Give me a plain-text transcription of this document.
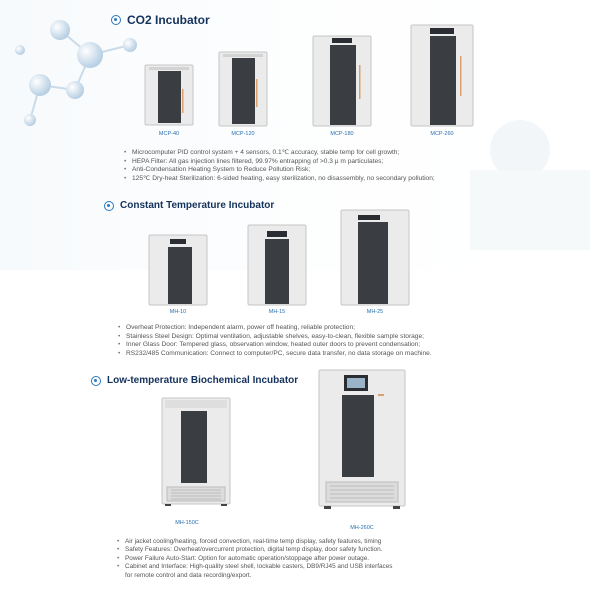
CO2 Incubator
MCP-40	MCP-120	MCP-180	MCP-260
• Microcomputer PID control system + 4 sensors, 0.1℃ accuracy, stable temp for cell growth;
• HEPA Filter: All gas injection lines filtered, 99.97% entrapping of >0.3 μ m particulates;
• Anti-Condensation Heating System to Reduce Pollution Risk;
• 125℃ Dry-heat Sterilization: 6-sided heating, easy sterilization, no disassembly, no secondary pollution;
Constant Temperature Incubator
MH-10	MH-15	MH-25
• Overheat Protection: Independent alarm, power off heating, reliable protection;
• Stainless Steel Design: Optimal ventilation, adjustable shelves, easy-to-clean, flexible sample storage;
• Inner Glass Door: Tempered glass, observation window, heated outer doors to prevent condensation;
• RS232/485 Communication: Connect to computer/PC, secure data transfer, no data storage on machine.
Low-temperature Biochemical Incubator
MH-150C
MH-260C
• Air jacket cooling/heating, forced convection, real-time temp display, safety features, timing
• Safety Features: Overheat/overcurrent protection, digital temp display, door safety function.
• Power Failure Auto-Start: Option for automatic operation/stoppage after power outage.
• Cabinet and Interface: High-quality steel shell, lockable casters, DB9/RJ45 and USB interfaces
for remote control and data recording/export.
